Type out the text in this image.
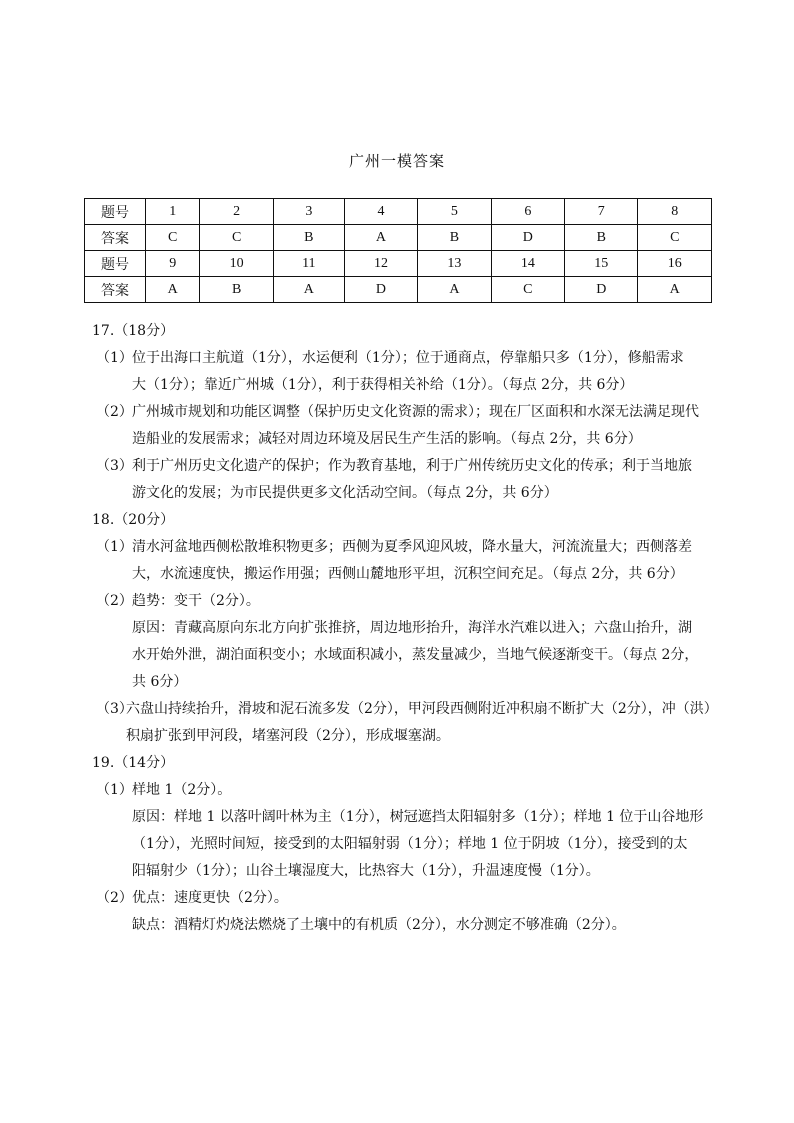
广州一模答案
题号	1	2	3	4	5	6	7	8
答案	C	C	B	A	B	D	B	C
题号	9	10	11	12	13	14	15	16
答案	A	B	A	D	A	C	D	A
17.（18分）
（1） 位于出海口主航道（1分），水运便利（1分）；位于通商点，停靠船只多（1分），修船需求
大（1分）；靠近广州城（1分），利于获得相关补给（1分）。（每点 2分，共 6分）
（2） 广州城市规划和功能区调整（保护历史文化资源的需求）；现在厂区面积和水深无法满足现代
造船业的发展需求；减轻对周边环境及居民生产生活的影响。（每点 2分，共 6分）
（3） 利于广州历史文化遗产的保护；作为教育基地，利于广州传统历史文化的传承；利于当地旅
游文化的发展；为市民提供更多文化活动空间。（每点 2分，共 6分）
18.（20分）
（1） 清水河盆地西侧松散堆积物更多；西侧为夏季风迎风坡，降水量大，河流流量大；西侧落差
大，水流速度快，搬运作用强；西侧山麓地形平坦，沉积空间充足。（每点 2分，共 6分）
（2） 趋势：变干（2分）。
原因：青藏高原向东北方向扩张推挤，周边地形抬升，海洋水汽难以进入；六盘山抬升，湖
水开始外泄，湖泊面积变小；水域面积减小，蒸发量减少，当地气候逐渐变干。（每点 2分，
共 6分）
（3）
六盘山持续抬升，滑坡和泥石流多发（2分），甲河段西侧附近冲积扇不断扩大（2分），冲（洪）
积扇扩张到甲河段，堵塞河段（2分），形成堰塞湖。
19.（14分）
（1） 样地 1（2分）。
原因：样地 1 以落叶阔叶林为主（1分），树冠遮挡太阳辐射多（1分）；样地 1 位于山谷地形
（1分），光照时间短，接受到的太阳辐射弱（1分）；样地 1 位于阴坡（1分），接受到的太
阳辐射少（1分）；山谷土壤湿度大，比热容大（1分），升温速度慢（1分）。
（2） 优点：速度更快（2分）。
缺点：酒精灯灼烧法燃烧了土壤中的有机质（2分），水分测定不够准确（2分）。
